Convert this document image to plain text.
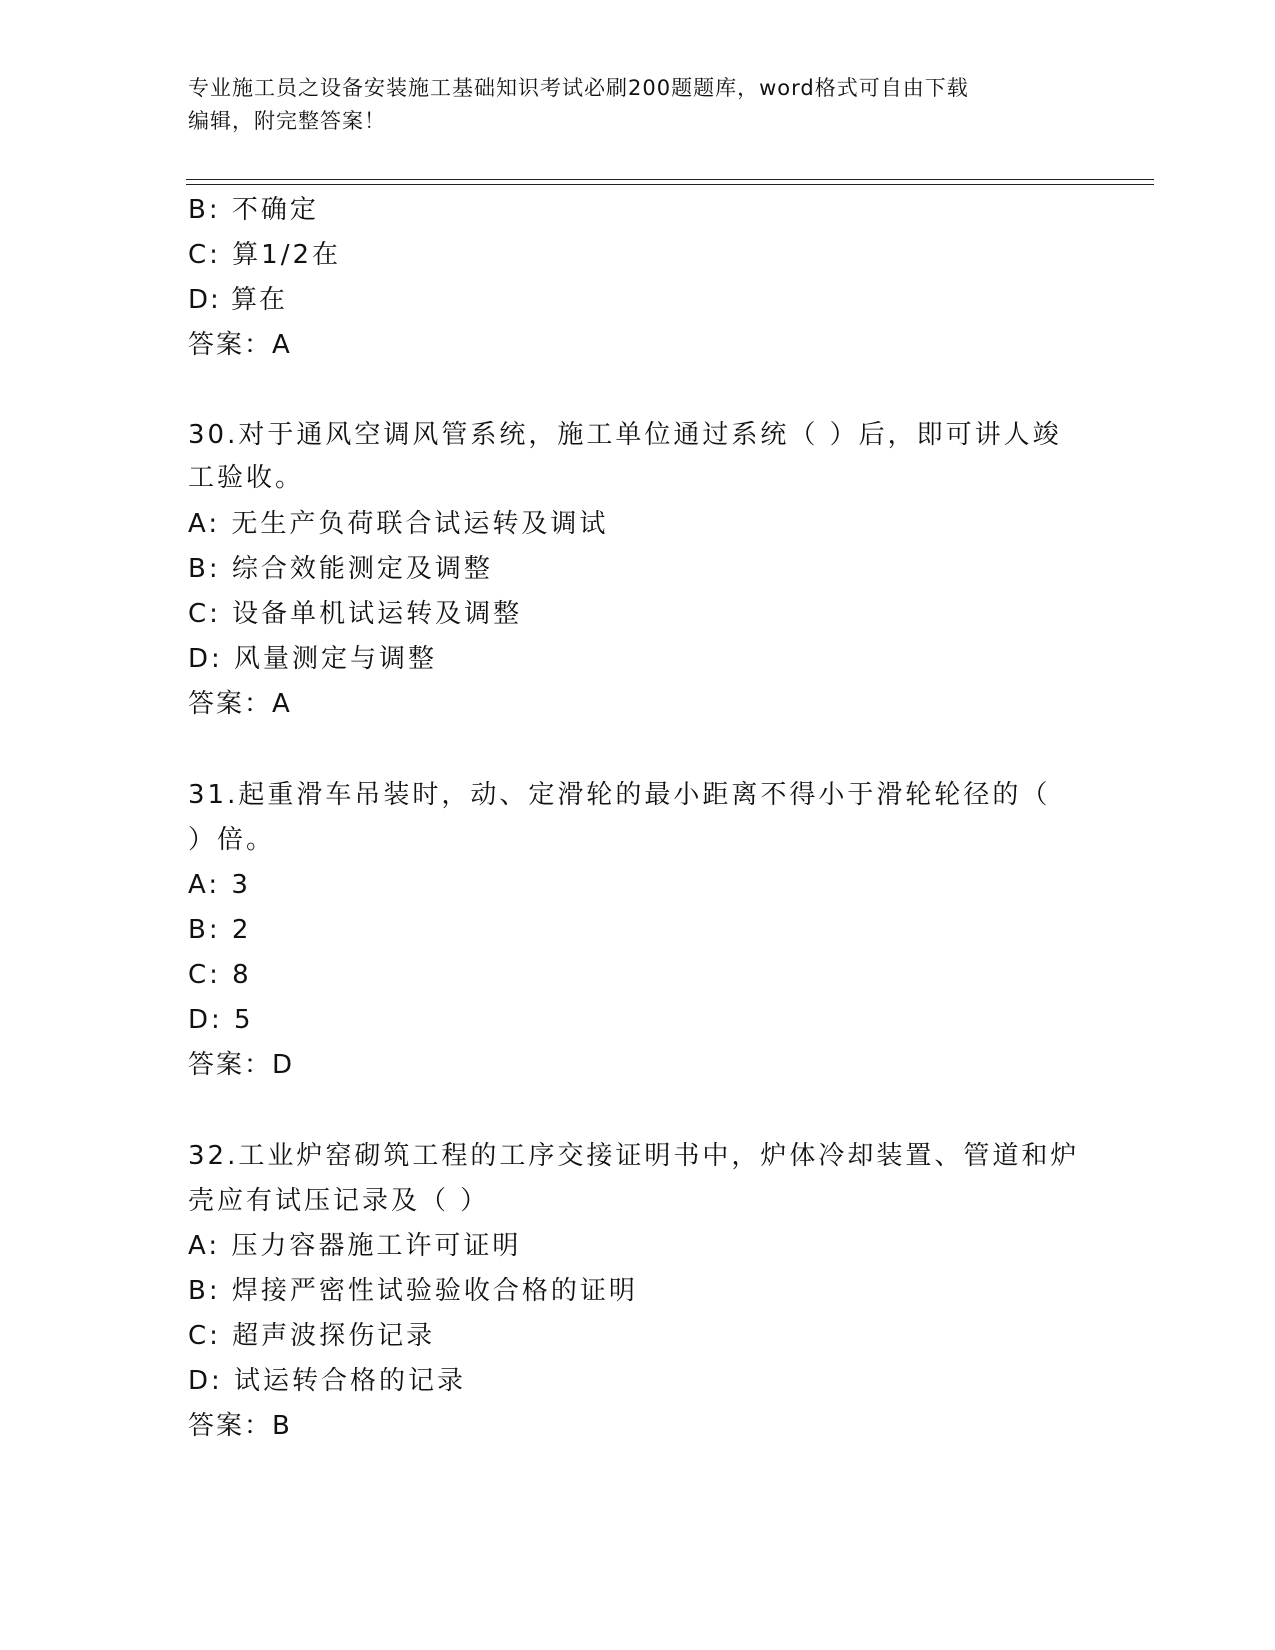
专业施工员之设备安装施工基础知识考试必刷200题题库，word格式可自由下载
编辑，附完整答案！
B: 不确定
C: 算1/2在
D: 算在
答案：A
30.对于通风空调风管系统，施工单位通过系统（ ）后，即可讲人竣
工验收。
A: 无生产负荷联合试运转及调试
B: 综合效能测定及调整
C: 设备单机试运转及调整
D: 风量测定与调整
答案：A
31.起重滑车吊装时，动、定滑轮的最小距离不得小于滑轮轮径的（
）倍。
A: 3
B: 2
C: 8
D: 5
答案：D
32.工业炉窑砌筑工程的工序交接证明书中，炉体冷却装置、管道和炉
壳应有试压记录及（ ）
A: 压力容器施工许可证明
B: 焊接严密性试验验收合格的证明
C: 超声波探伤记录
D: 试运转合格的记录
答案：B
